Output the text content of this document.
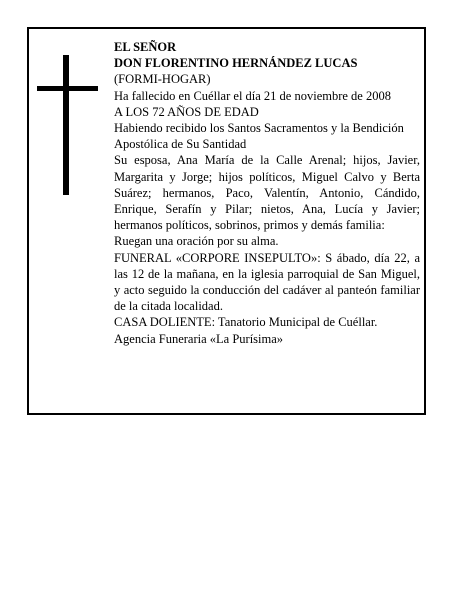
EL SEÑOR

DON FLORENTINO HERNÁNDEZ LUCAS

(FORMI-HOGAR)

Ha fallecido en Cuéllar el día 21 de noviembre de 2008

A LOS 72 AÑOS DE EDAD

Habiendo recibido los Santos Sacramentos y la Bendición Apostólica de Su Santidad

Su esposa, Ana María de la Calle Arenal; hijos, Javier, Margarita y Jorge; hijos políticos, Miguel Calvo y Berta Suárez; hermanos, Paco, Valentín, Antonio, Cándido, Enrique, Serafín y Pilar; nietos, Ana, Lucía y Javier; hermanos políticos, sobrinos, primos y demás familia:

Ruegan una oración por su alma.

FUNERAL «CORPORE INSEPULTO»: S ábado, día 22, a las 12 de la mañana, en la iglesia parroquial de San Miguel, y acto seguido la conducción del cadáver al panteón familiar de la citada localidad.

CASA DOLIENTE: Tanatorio Municipal de Cuéllar.

Agencia Funeraria «La Purísima»
